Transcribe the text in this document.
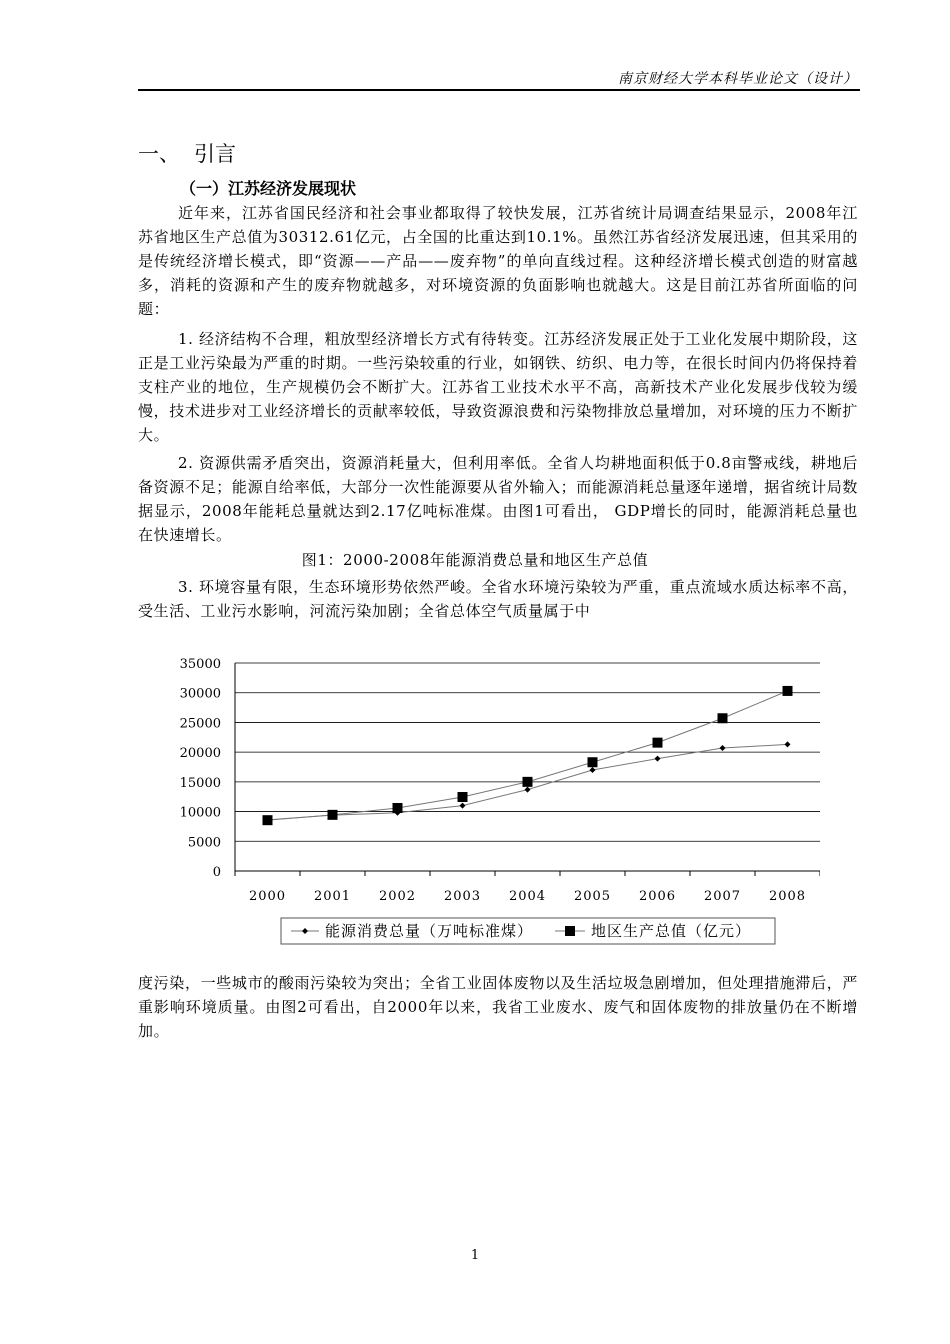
南京财经大学本科毕业论文（设计）
一、 引言
（一）江苏经济发展现状

近年来，江苏省国民经济和社会事业都取得了较快发展，江苏省统计局调查结果显示，2008年江苏省地区生产总值为30312.61亿元，占全国的比重达到10.1%。虽然江苏省经济发展迅速，但其采用的是传统经济增长模式，即“资源——产品——废弃物”的单向直线过程。这种经济增长模式创造的财富越多，消耗的资源和产生的废弃物就越多，对环境资源的负面影响也就越大。这是目前江苏省所面临的问题：

1. 经济结构不合理，粗放型经济增长方式有待转变。江苏经济发展正处于工业化发展中期阶段，这正是工业污染最为严重的时期。一些污染较重的行业，如钢铁、纺织、电力等，在很长时间内仍将保持着支柱产业的地位，生产规模仍会不断扩大。江苏省工业技术水平不高，高新技术产业化发展步伐较为缓慢，技术进步对工业经济增长的贡献率较低，导致资源浪费和污染物排放总量增加，对环境的压力不断扩大。

2. 资源供需矛盾突出，资源消耗量大，但利用率低。全省人均耕地面积低于0.8亩警戒线，耕地后备资源不足；能源自给率低，大部分一次性能源要从省外输入；而能源消耗总量逐年递增，据省统计局数据显示，2008年能耗总量就达到2.17亿吨标准煤。由图1可看出， GDP增长的同时，能源消耗总量也在快速增长。

图1：2000-2008年能源消费总量和地区生产总值

3. 环境容量有限，生态环境形势依然严峻。全省水环境污染较为严重，重点流域水质达标率不高，受生活、工业污水影响，河流污染加剧；全省总体空气质量属于中

0
5000
10000
15000
20000
25000
30000
35000
2000 2001 2002 2003 2004 2005 2006 2007 2008
能源消费总量（万吨标准煤）	地区生产总值（亿元）

度污染，一些城市的酸雨污染较为突出；全省工业固体废物以及生活垃圾急剧增加，但处理措施滞后，严重影响环境质量。由图2可看出，自2000年以来，我省工业废水、废气和固体废物的排放量仍在不断增加。

1
